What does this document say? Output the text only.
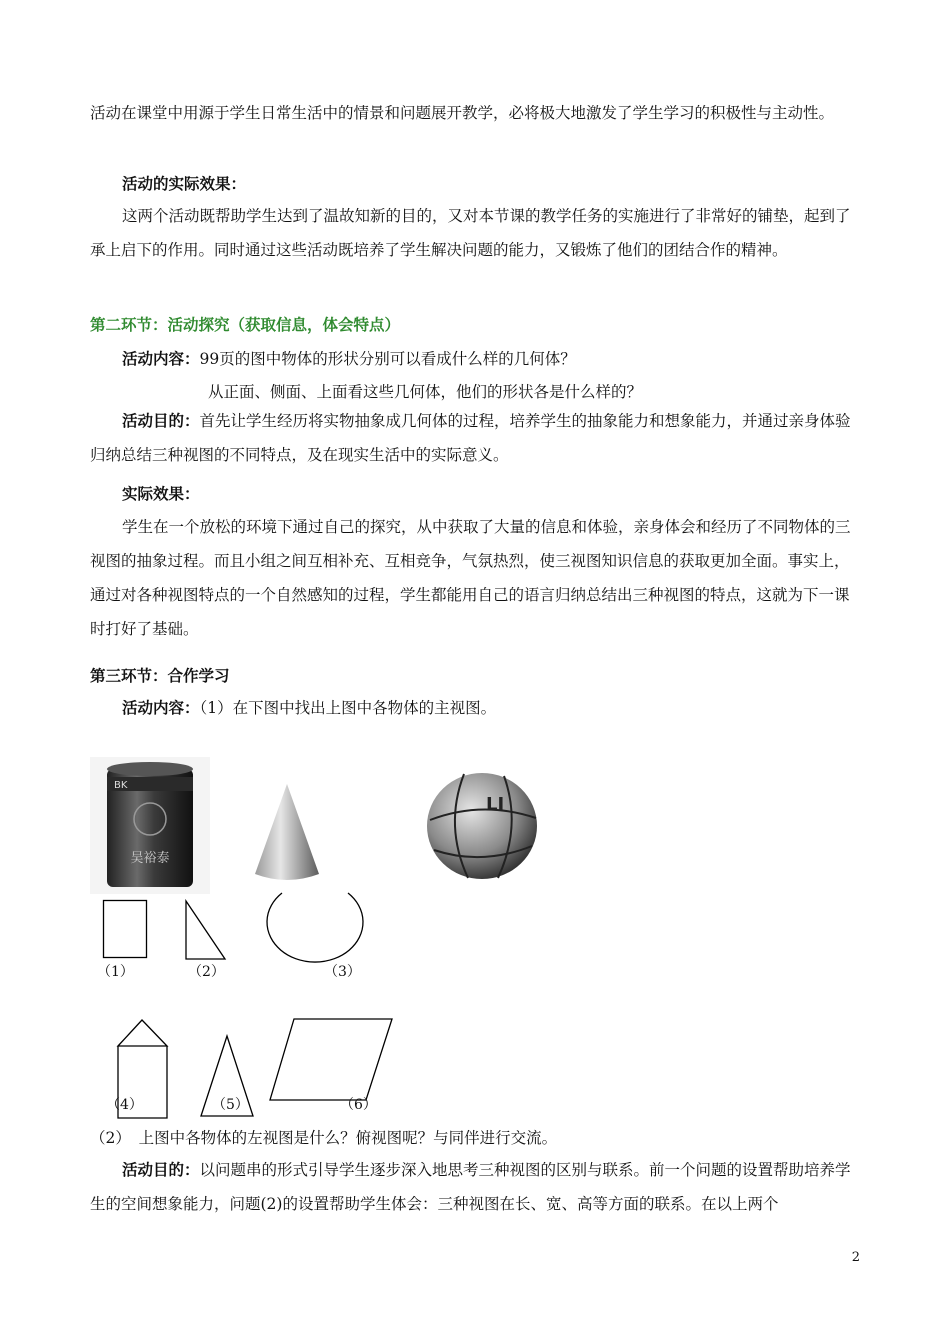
活动在课堂中用源于学生日常生活中的情景和问题展开教学，必将极大地激发了学生学习的积极性与主动性。
活动的实际效果：
这两个活动既帮助学生达到了温故知新的目的，又对本节课的教学任务的实施进行了非常好的铺垫，起到了承上启下的作用。同时通过这些活动既培养了学生解决问题的能力，又锻炼了他们的团结合作的精神。
第二环节：活动探究（获取信息，体会特点）
活动内容：99页的图中物体的形状分别可以看成什么样的几何体？
从正面、侧面、上面看这些几何体，他们的形状各是什么样的？
活动目的：首先让学生经历将实物抽象成几何体的过程，培养学生的抽象能力和想象能力，并通过亲身体验归纳总结三种视图的不同特点，及在现实生活中的实际意义。
实际效果：
学生在一个放松的环境下通过自己的探究，从中获取了大量的信息和体验，亲身体会和经历了不同物体的三视图的抽象过程。而且小组之间互相补充、互相竞争，气氛热烈，使三视图知识信息的获取更加全面。事实上，通过对各种视图特点的一个自然感知的过程，学生都能用自己的语言归纳总结出三种视图的特点，这就为下一课时打好了基础。
第三环节：合作学习
活动内容：（1）在下图中找出上图中各物体的主视图。
BK
吴裕泰
LI
（1）	（2）	（3）
（4）	（5）	（6）
（2）　上图中各物体的左视图是什么？俯视图呢？与同伴进行交流。
活动目的：以问题串的形式引导学生逐步深入地思考三种视图的区别与联系。前一个问题的设置帮助培养学生的空间想象能力，问题(2)的设置帮助学生体会：三种视图在长、宽、高等方面的联系。在以上两个
2
